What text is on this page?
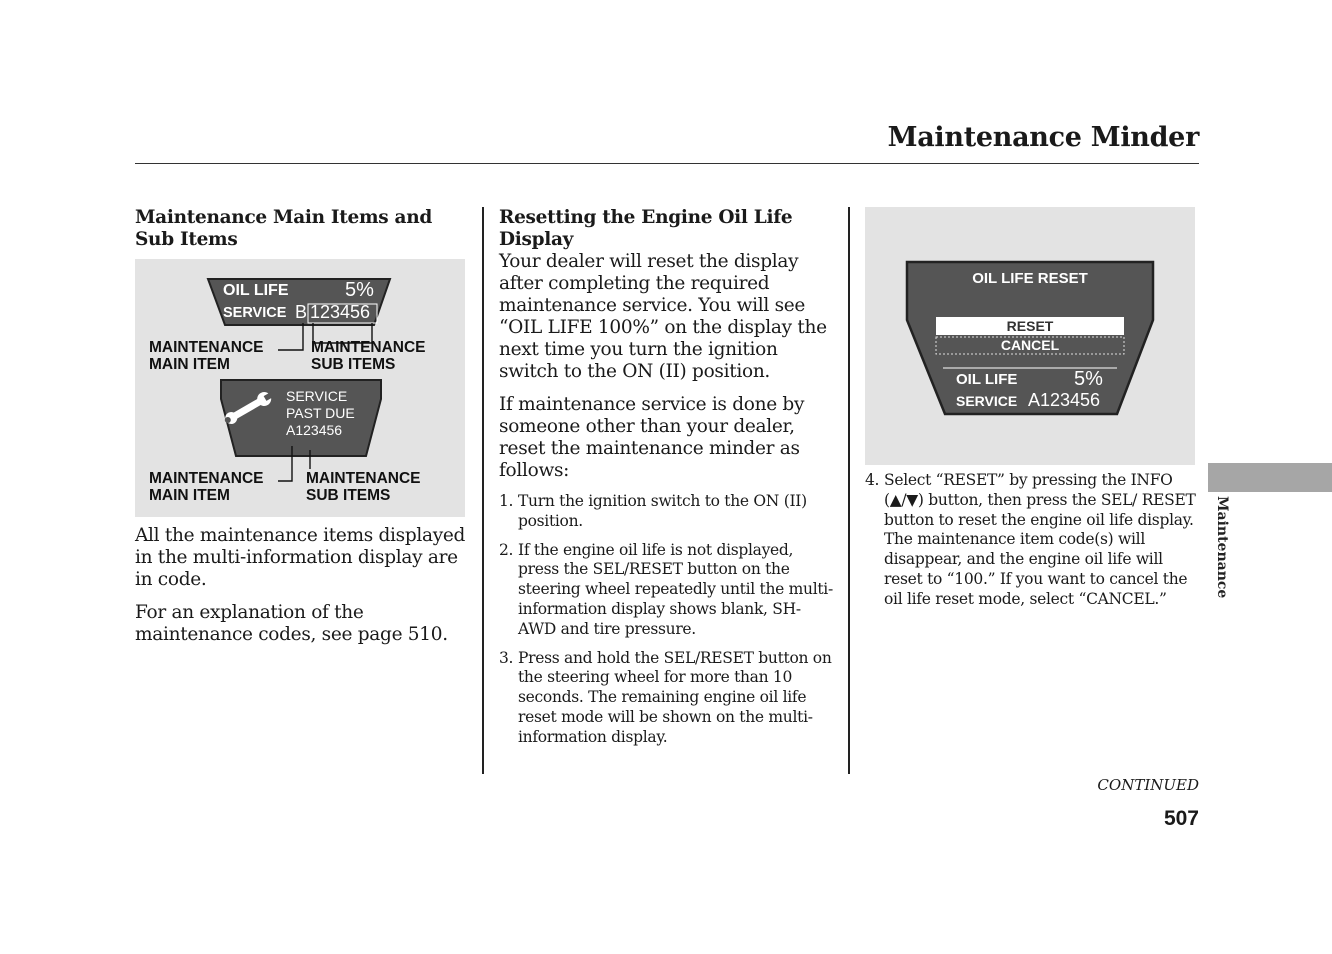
Maintenance Minder
Maintenance Main Items and Sub Items
OIL LIFE	5%
SERVICE B 123456
MAINTENANCE
MAIN ITEM
MAINTENANCE
SUB ITEMS
SERVICE
PAST DUE
A123456
MAINTENANCE
MAIN ITEM
MAINTENANCE
SUB ITEMS

All the maintenance items displayed in the multi-information display are in code.

For an explanation of the maintenance codes, see page 510.

Resetting the Engine Oil Life Display

Your dealer will reset the display after completing the required maintenance service. You will see “OIL LIFE 100%” on the display the next time you turn the ignition switch to the ON (II) position.

If maintenance service is done by someone other than your dealer, reset the maintenance minder as follows:

1. Turn the ignition switch to the ON (II) position.
2. If the engine oil life is not displayed, press the SEL/RESET button on the steering wheel repeatedly until the multi-information display shows blank, SH-AWD and tire pressure.
3. Press and hold the SEL/RESET button on the steering wheel for more than 10 seconds. The remaining engine oil life reset mode will be shown on the multi-information display.
OIL LIFE RESET
RESET
CANCEL
OIL LIFE	5%
SERVICE A123456
4. Select “RESET” by pressing the INFO (▲/▼) button, then press the SEL/ RESET button to reset the engine oil life display. The maintenance item code(s) will disappear, and the engine oil life will reset to “100.” If you want to cancel the oil life reset mode, select “CANCEL.”
Maintenance
CONTINUED
507
